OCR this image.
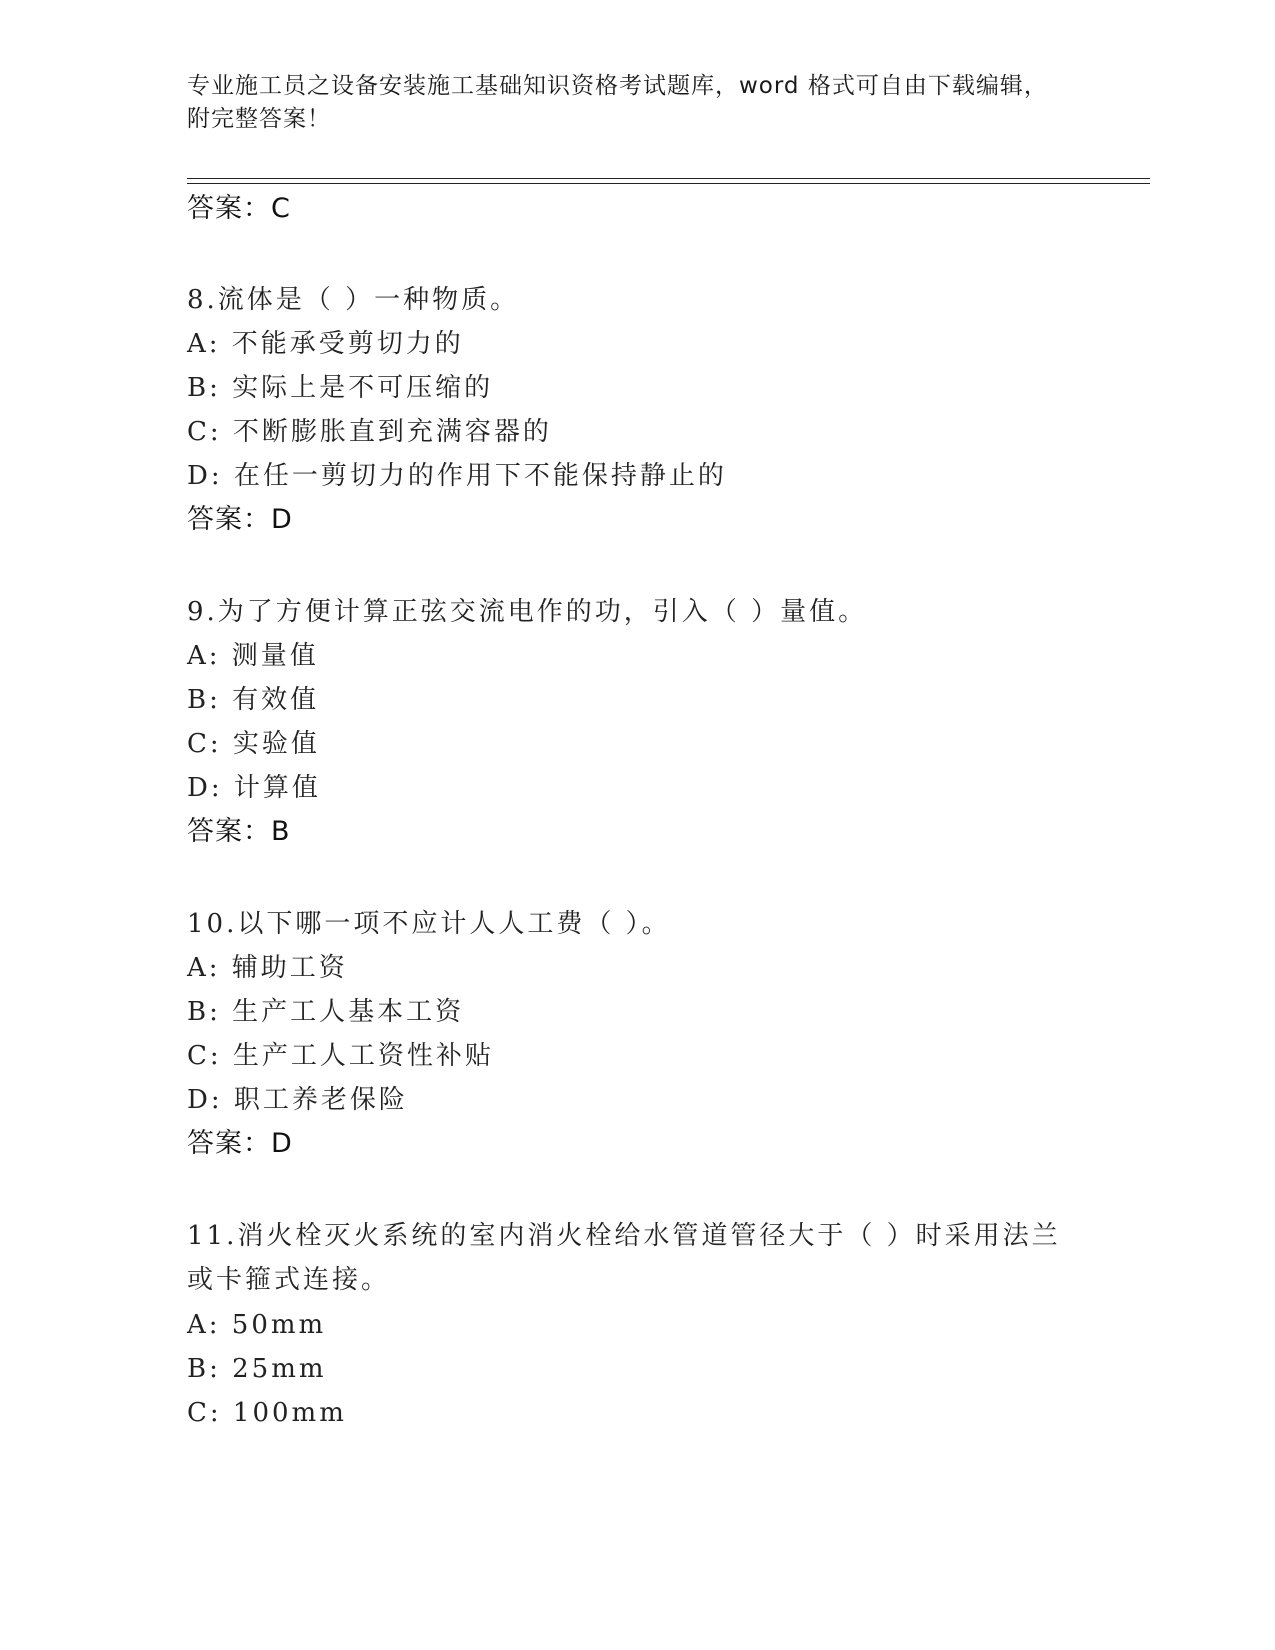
专业施工员之设备安装施工基础知识资格考试题库，word 格式可自由下载编辑，
附完整答案！
答案：C
8.流体是（ ）一种物质。
A: 不能承受剪切力的
B: 实际上是不可压缩的
C: 不断膨胀直到充满容器的
D: 在任一剪切力的作用下不能保持静止的
答案：D
9.为了方便计算正弦交流电作的功，引入（ ）量值。
A: 测量值
B: 有效值
C: 实验值
D: 计算值
答案：B
10.以下哪一项不应计人人工费（ ）。
A: 辅助工资
B: 生产工人基本工资
C: 生产工人工资性补贴
D: 职工养老保险
答案：D
11.消火栓灭火系统的室内消火栓给水管道管径大于（ ）时采用法兰
或卡箍式连接。
A: 50mm
B: 25mm
C: 100mm
